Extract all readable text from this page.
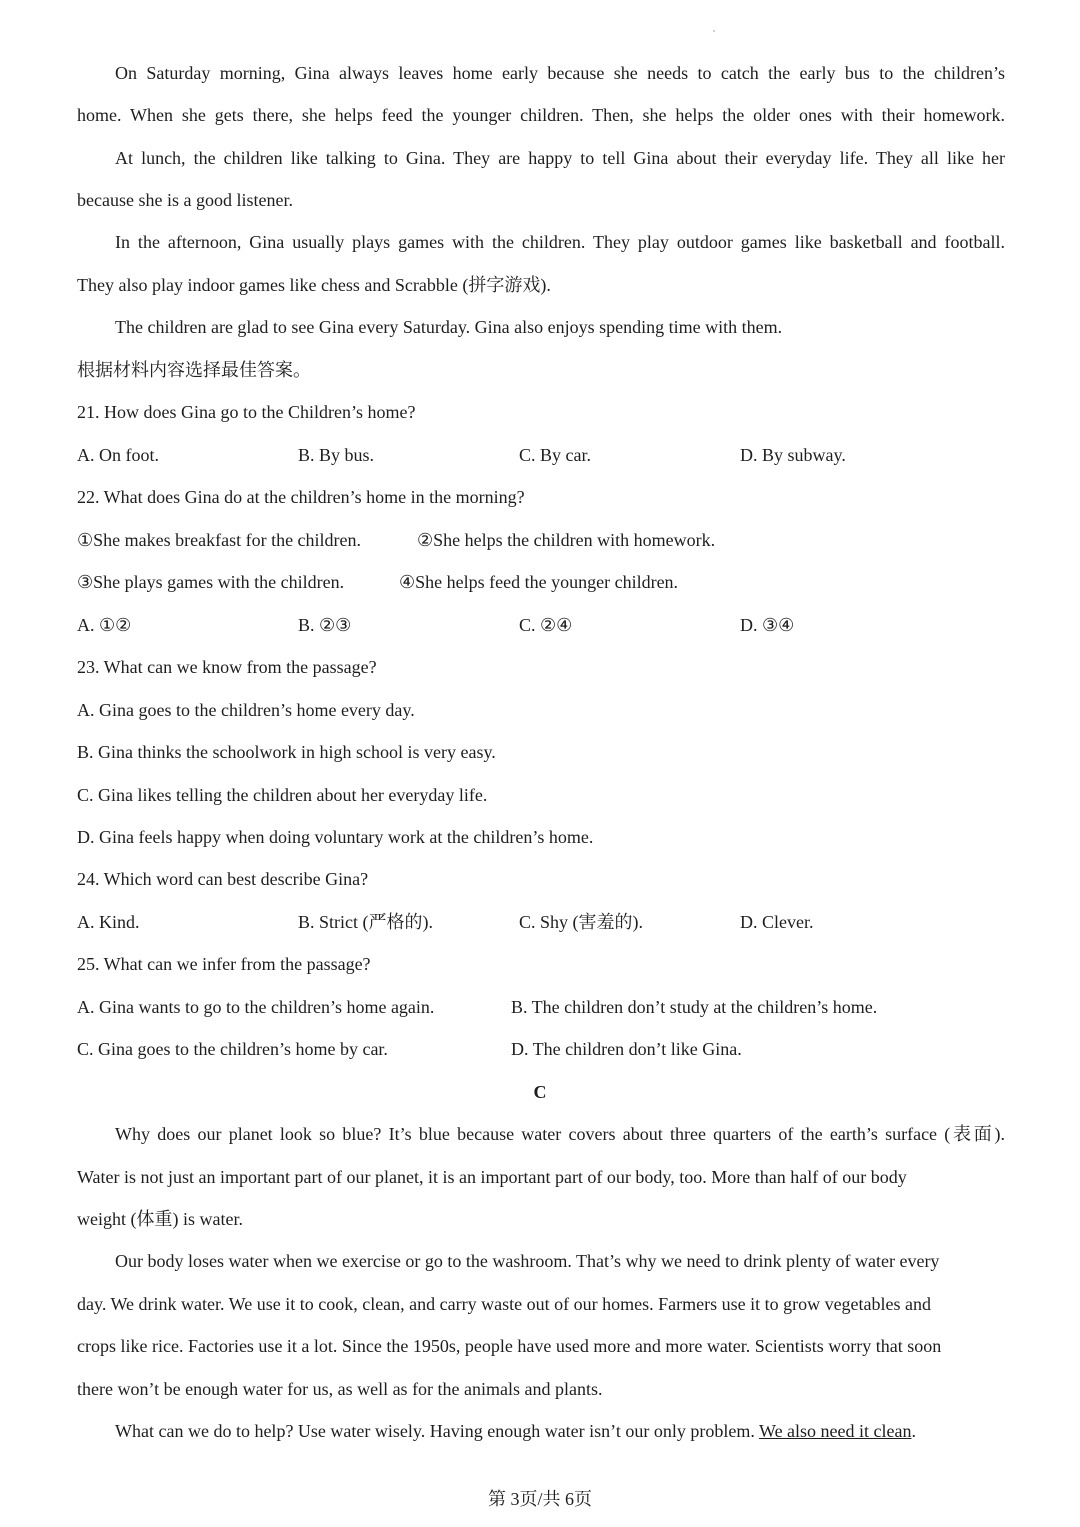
On Saturday morning, Gina always leaves home early because she needs to catch the early bus to the children’s
home. When she gets there, she helps feed the younger children. Then, she helps the older ones with their homework.
At lunch, the children like talking to Gina. They are happy to tell Gina about their everyday life. They all like her
because she is a good listener.
In the afternoon, Gina usually plays games with the children. They play outdoor games like basketball and football.
They also play indoor games like chess and Scrabble (拼字游戏).
The children are glad to see Gina every Saturday. Gina also enjoys spending time with them.
根据材料内容选择最佳答案。
21. How does Gina go to the Children’s home?
A. On foot.	B. By bus.	C. By car.	D. By subway.
22. What does Gina do at the children’s home in the morning?
①She makes breakfast for the children.	②She helps the children with homework.
③She plays games with the children.	④She helps feed the younger children.
A. ①②	B. ②③	C. ②④	D. ③④
23. What can we know from the passage?
A. Gina goes to the children’s home every day.
B. Gina thinks the schoolwork in high school is very easy.
C. Gina likes telling the children about her everyday life.
D. Gina feels happy when doing voluntary work at the children’s home.
24. Which word can best describe Gina?
A. Kind.	B. Strict (严格的).	C. Shy (害羞的).	D. Clever.
25. What can we infer from the passage?
A. Gina wants to go to the children’s home again.	B. The children don’t study at the children’s home.
C. Gina goes to the children’s home by car.	D. The children don’t like Gina.
C
Why does our planet look so blue? It’s blue because water covers about three quarters of the earth’s surface (表面).
Water is not just an important part of our planet, it is an important part of our body, too. More than half of our body
weight (体重) is water.
Our body loses water when we exercise or go to the washroom. That’s why we need to drink plenty of water every
day. We drink water. We use it to cook, clean, and carry waste out of our homes. Farmers use it to grow vegetables and
crops like rice. Factories use it a lot. Since the 1950s, people have used more and more water. Scientists worry that soon
there won’t be enough water for us, as well as for the animals and plants.
What can we do to help? Use water wisely. Having enough water isn’t our only problem. We also need it clean.
第 3页/共 6页
